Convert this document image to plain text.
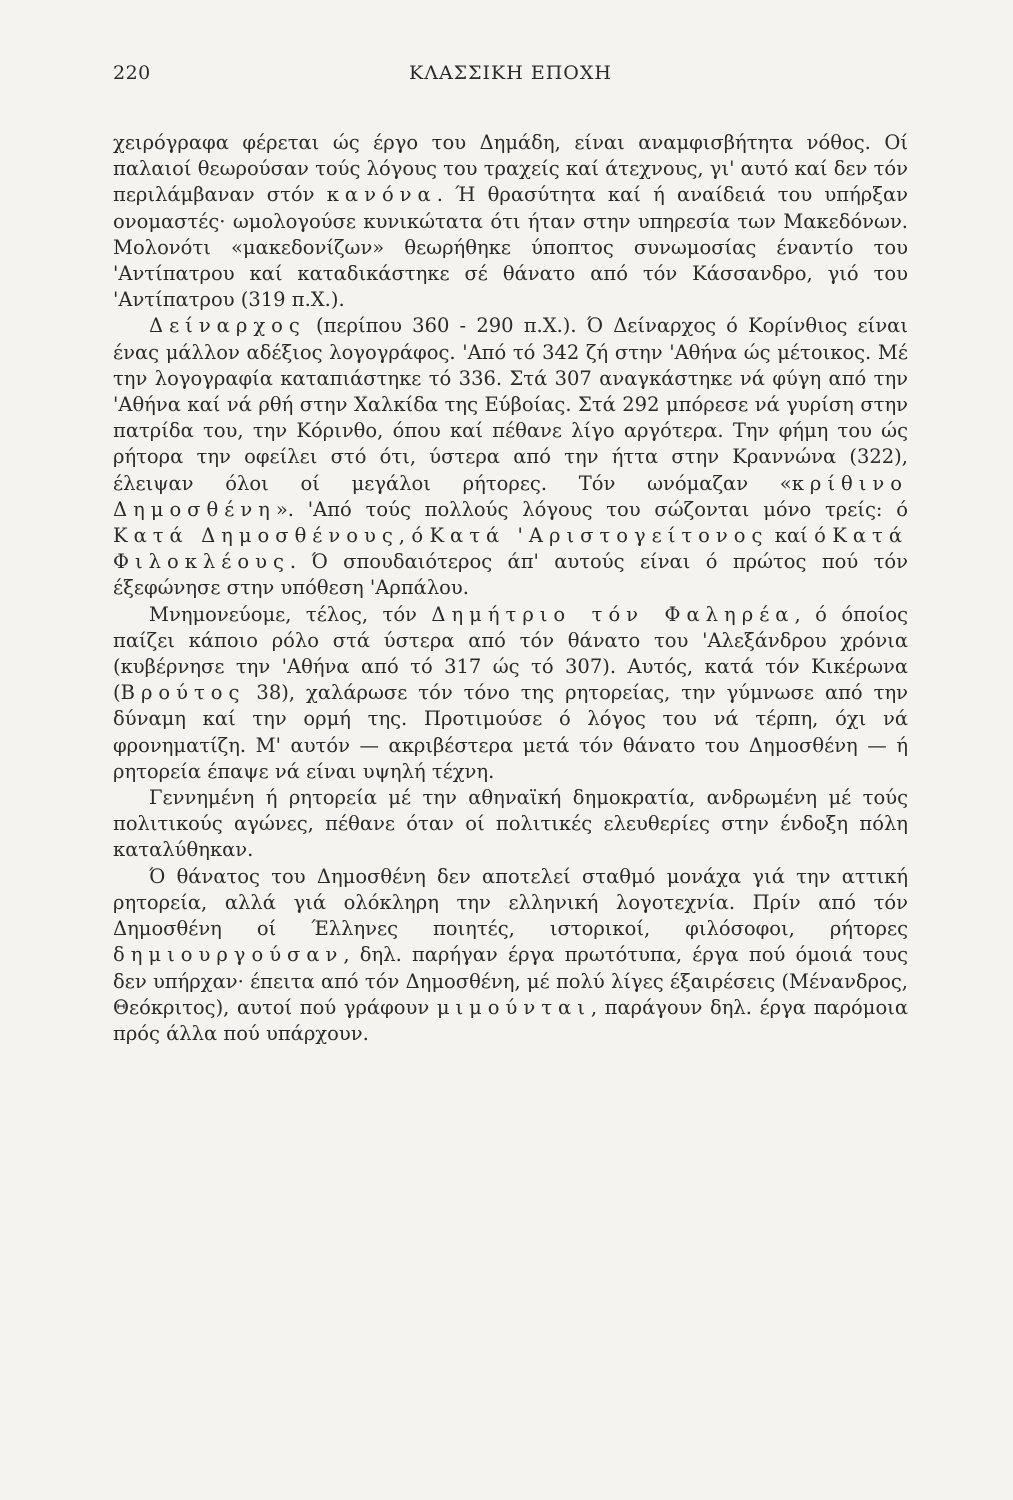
220	ΚΛΑΣΣΙΚΗ ΕΠΟΧΗ

χειρόγραφα φέρεται ώς έργο του Δημάδη, είναι αναμφισβήτητα νόθος. Οί παλαιοί θεωρούσαν τούς λόγους του τραχείς καί άτεχνους, γι' αυτό καί δεν τόν περιλάμβαναν στόν κανόνα. Ή θρασύτητα καί ή αναίδειά του υπήρξαν ονομαστές· ωμολογούσε κυνικώτατα ότι ήταν στην υπηρεσία των Μακεδόνων. Μολονότι «μακεδονίζων» θεωρήθηκε ύποπτος συνωμοσίας έναντίο του 'Αντίπατρου καί καταδικάστηκε σέ θάνατο από τόν Κάσσανδρο, γιό του 'Αντίπατρου (319 π.Χ.).

Δείναρχος (περίπου 360 - 290 π.Χ.). Ό Δείναρχος ό Κορίνθιος είναι ένας μάλλον αδέξιος λογογράφος. 'Από τό 342 ζή στην 'Αθήνα ώς μέτοικος. Μέ την λογογραφία καταπιάστηκε τό 336. Στά 307 αναγκάστηκε νά φύγη από την 'Αθήνα καί νά ρθή στην Χαλκίδα της Εύβοίας. Στά 292 μπόρεσε νά γυρίση στην πατρίδα του, την Κόρινθο, όπου καί πέθανε λίγο αργότερα. Την φήμη του ώς ρήτορα την οφείλει στό ότι, ύστερα από την ήττα στην Κραννώνα (322), έλειψαν όλοι οί μεγάλοι ρήτορες. Τόν ωνόμαζαν «κρίθινο Δημοσθένη». 'Από τούς πολλούς λόγους του σώζονται μόνο τρείς: ό Κατά Δημοσθένους, ό Κατά 'Αριστογείτονος καί ό Κατά Φιλοκλέους. Ό σπουδαιότερος άπ' αυτούς είναι ό πρώτος πού τόν έξεφώνησε στην υπόθεση 'Αρπάλου.

Μνημονεύομε, τέλος, τόν Δημήτριο τόν Φαληρέα, ό όποίος παίζει κάποιο ρόλο στά ύστερα από τόν θάνατο του 'Αλεξάνδρου χρόνια (κυβέρνησε την 'Αθήνα από τό 317 ώς τό 307). Αυτός, κατά τόν Κικέρωνα (Βρούτος 38), χαλάρωσε τόν τόνο της ρητορείας, την γύμνωσε από την δύναμη καί την ορμή της. Προτιμούσε ό λόγος του νά τέρπη, όχι νά φρονηματίζη. Μ' αυτόν — ακριβέστερα μετά τόν θάνατο του Δημοσθένη — ή ρητορεία έπαψε νά είναι υψηλή τέχνη.

Γεννημένη ή ρητορεία μέ την αθηναϊκή δημοκρατία, ανδρωμένη μέ τούς πολιτικούς αγώνες, πέθανε όταν οί πολιτικές ελευθερίες στην ένδοξη πόλη καταλύθηκαν.

Ό θάνατος του Δημοσθένη δεν αποτελεί σταθμό μονάχα γιά την αττική ρητορεία, αλλά γιά ολόκληρη την ελληνική λογοτεχνία. Πρίν από τόν Δημοσθένη οί Έλληνες ποιητές, ιστορικοί, φιλόσοφοι, ρήτορες δημιουργούσαν, δηλ. παρήγαν έργα πρωτότυπα, έργα πού όμοιά τους δεν υπήρχαν· έπειτα από τόν Δημοσθένη, μέ πολύ λίγες έξαιρέσεις (Μένανδρος, Θεόκριτος), αυτοί πού γράφουν μιμούνται, παράγουν δηλ. έργα παρόμοια πρός άλλα πού υπάρχουν.
